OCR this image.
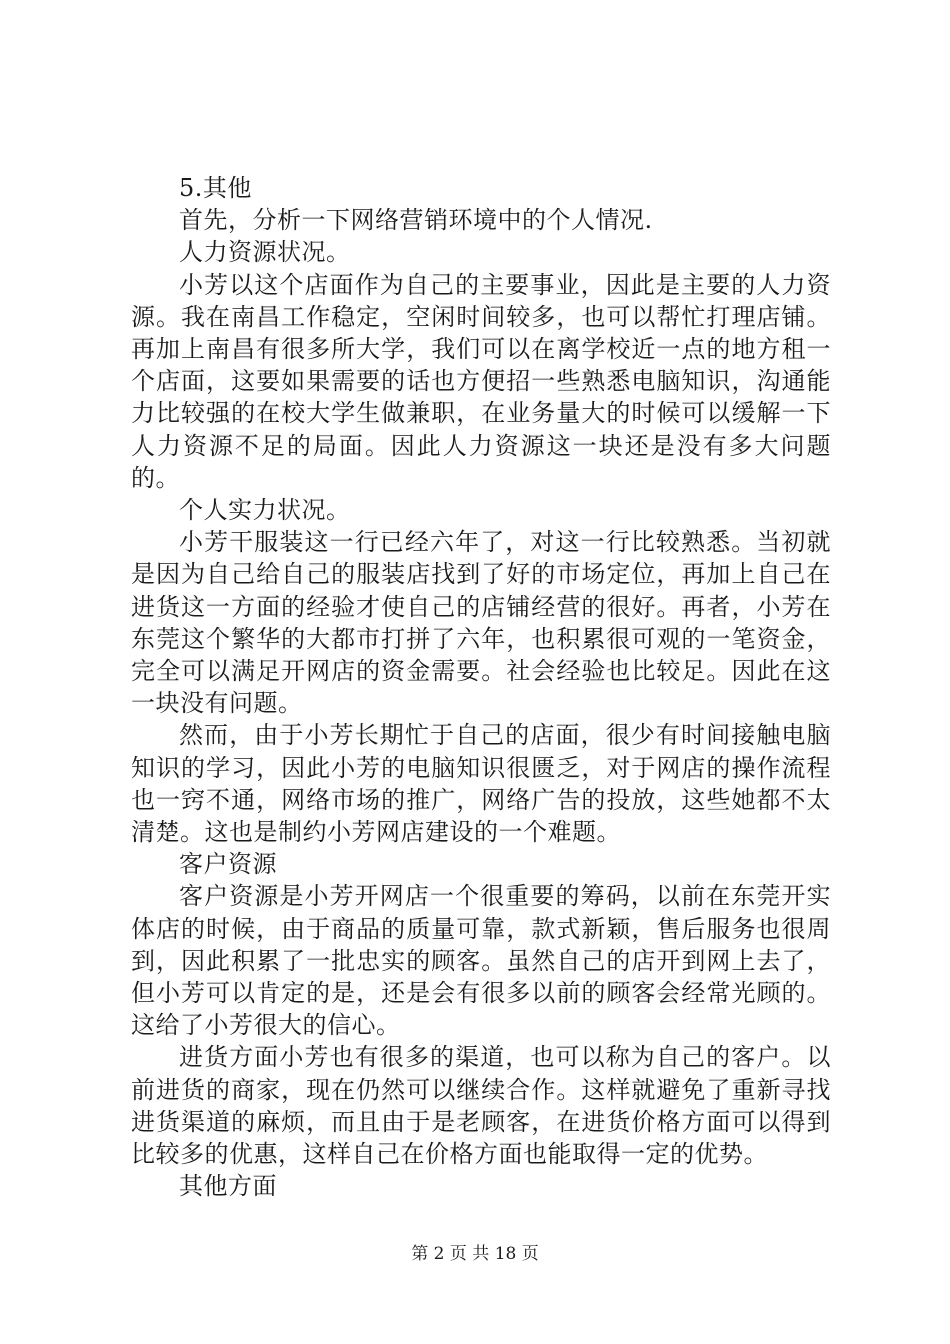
5.其他

首先，分析一下网络营销环境中的个人情况.

人力资源状况。

小芳以这个店面作为自己的主要事业，因此是主要的人力资源。我在南昌工作稳定，空闲时间较多，也可以帮忙打理店铺。再加上南昌有很多所大学，我们可以在离学校近一点的地方租一个店面，这要如果需要的话也方便招一些熟悉电脑知识，沟通能力比较强的在校大学生做兼职，在业务量大的时候可以缓解一下人力资源不足的局面。因此人力资源这一块还是没有多大问题的。

个人实力状况。

小芳干服装这一行已经六年了，对这一行比较熟悉。当初就是因为自己给自己的服装店找到了好的市场定位，再加上自己在进货这一方面的经验才使自己的店铺经营的很好。再者，小芳在东莞这个繁华的大都市打拼了六年，也积累很可观的一笔资金，完全可以满足开网店的资金需要。社会经验也比较足。因此在这一块没有问题。

然而，由于小芳长期忙于自己的店面，很少有时间接触电脑知识的学习，因此小芳的电脑知识很匮乏，对于网店的操作流程也一窍不通，网络市场的推广，网络广告的投放，这些她都不太清楚。这也是制约小芳网店建设的一个难题。

客户资源

客户资源是小芳开网店一个很重要的筹码，以前在东莞开实体店的时候，由于商品的质量可靠，款式新颖，售后服务也很周到，因此积累了一批忠实的顾客。虽然自己的店开到网上去了，但小芳可以肯定的是，还是会有很多以前的顾客会经常光顾的。这给了小芳很大的信心。

进货方面小芳也有很多的渠道，也可以称为自己的客户。以前进货的商家，现在仍然可以继续合作。这样就避免了重新寻找进货渠道的麻烦，而且由于是老顾客，在进货价格方面可以得到比较多的优惠，这样自己在价格方面也能取得一定的优势。

其他方面

第 2 页 共 18 页
